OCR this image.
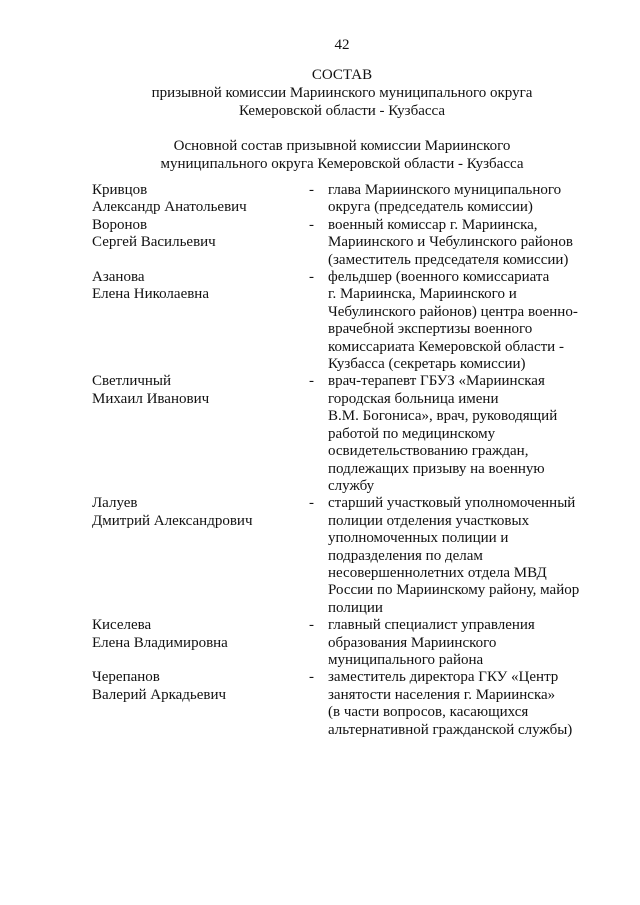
42
СОСТАВ
призывной комиссии Мариинского муниципального округа
Кемеровской области - Кузбасса
Основной состав призывной комиссии Мариинского
муниципального округа Кемеровской области - Кузбасса
Кривцов
Александр Анатольевич
- глава Мариинского муниципального
округа (председатель комиссии)
Воронов
Сергей Васильевич
- военный комиссар г. Мариинска,
Мариинского и Чебулинского районов
(заместитель председателя комиссии)
Азанова
Елена Николаевна
- фельдшер (военного комиссариата
г. Мариинска, Мариинского и
Чебулинского районов) центра военно-
врачебной экспертизы военного
комиссариата Кемеровской области -
Кузбасса (секретарь комиссии)
Светличный
Михаил Иванович
- врач-терапевт ГБУЗ «Мариинская
городская больница имени
В.М. Богониса», врач, руководящий
работой по медицинскому
освидетельствованию граждан,
подлежащих призыву на военную
службу
Лалуев
Дмитрий Александрович
- старший участковый уполномоченный
полиции отделения участковых
уполномоченных полиции и
подразделения по делам
несовершеннолетних отдела МВД
России по Мариинскому району, майор
полиции
Киселева
Елена Владимировна
- главный специалист управления
образования Мариинского
муниципального района
Черепанов
Валерий Аркадьевич
- заместитель директора ГКУ «Центр
занятости населения г. Мариинска»
(в части вопросов, касающихся
альтернативной гражданской службы)
